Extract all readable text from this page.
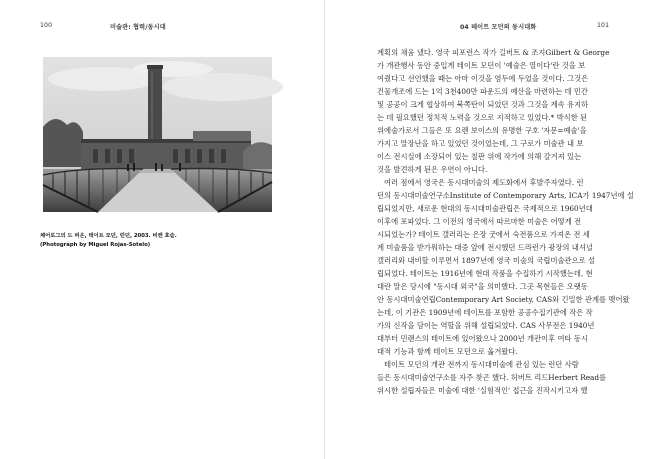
100	미술관: 협력/동시대
체어로그의 드 퍼온, 테이트 모던, 런던, 2003. 비켄 효슬.
(Photograph by Miguel Rojas-Sotelo)
04 테이트 모던의 동시대화	101
계획의 채움 냈다. 영국 피포런스 작가 길버트 & 조지Gilbert & George
가 개관행사 동안 중입게 테이트 모던이 '예술은 열이다'란 것을 보
여줬다고 선언했을 때는 아마 이것을 염두에 두었을 것이다. 그것은
건물개조에 드는 1억 3천400만 파운드의 예산을 마련하는 데 민간
및 공공이 크게 협상하여 북쪽탄이 되었던 것과 그것을 계속 유지하
는 데 필요했던 정치적 노력을 것으로 지적하고 있었다.* 박식한 된
위에술가로서 그들은 또 요렌 보이스의 유명한 구호 '자문=예술'을
가지고 말장난을 하고 있었던 것이었는데, 그 구로가 미술관 내 보
이스 전시실에 소장되어 있는 칠판 위에 작가에 의해 갈겨져 있는
것을 발견하게 된은 우연이 아니다.
여러 점에서 영국은 동시대미술의 제도화에서 후발주자였다. 런
던의 동시대미술연구소Institute of Contemporary Arts, ICA가 1947년에 설
립되었지만, 새로운 현대의 동시대미술관립은 국제적으로 1960년대
이후에 포파었다. 그 이전의 영국에서 따르마한 미술은 어떻게 전
시되었는가? 테이트 갤러리는 은장 굿에서 숙전품으로 가져온 전 세
계 미술품을 받가워하는 대중 앞에 전시했던 드라런가 광장의 내셔널
갤러리와 내비할 이루면서 1897년에 영국 미술의 국립미술관으로 설
립되었다. 테이트는 1916년에 현대 작품을 수집하기 시작했는데, 현
대란 말은 당시에 "동시대 외국"을 의미했다. 그곳 목현들은 오랫동
안 동시대미술연립Contemporary Art Society, CAS와 긴밀한 관계를 맺어왔
는데, 이 기관은 1909년에 테이트를 포함한 공공수집기관에 작은 작
가의 신작을 담이는 역할을 위해 설립되었다. CAS 사무전은 1940년
대부터 민랜스의 테이트에 있어왔으나 2000년 개관이후 여타 동시
대적 기능과 함께 테이트 모던으로 옮겨왔다.
테이트 모던의 개관 전까지 동시대미술에 관심 있는 런던 사람
들은 동시대미술연구소를 자주 찾곤 했다. 허버트 리드Herbert Read를
위시한 설립자들은 미술에 대한 '실험적인' 접근을 진작시키고자 했
